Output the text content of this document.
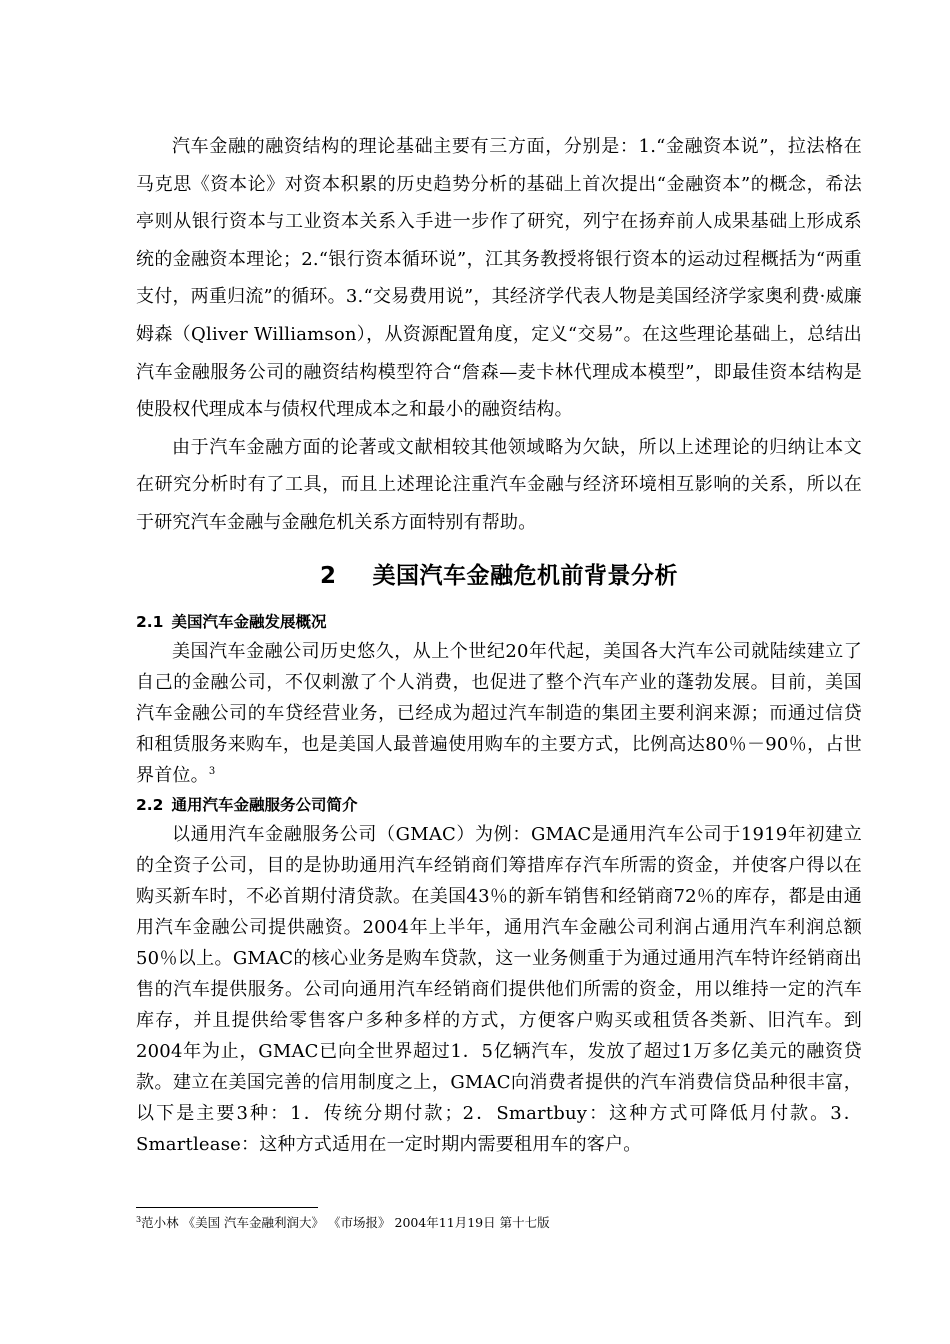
汽车金融的融资结构的理论基础主要有三方面，分别是：1.“金融资本说”，拉法格在马克思《资本论》对资本积累的历史趋势分析的基础上首次提出“金融资本”的概念，希法亭则从银行资本与工业资本关系入手进一步作了研究，列宁在扬弃前人成果基础上形成系统的金融资本理论；2.“银行资本循环说”，江其务教授将银行资本的运动过程概括为“两重支付，两重归流”的循环。3.“交易费用说”，其经济学代表人物是美国经济学家奥利费·威廉姆森（Qliver Williamson），从资源配置角度，定义“交易”。在这些理论基础上，总结出汽车金融服务公司的融资结构模型符合“詹森—麦卡林代理成本模型”，即最佳资本结构是使股权代理成本与债权代理成本之和最小的融资结构。

由于汽车金融方面的论著或文献相较其他领域略为欠缺，所以上述理论的归纳让本文在研究分析时有了工具，而且上述理论注重汽车金融与经济环境相互影响的关系，所以在于研究汽车金融与金融危机关系方面特别有帮助。

2 美国汽车金融危机前背景分析
2.1 美国汽车金融发展概况

美国汽车金融公司历史悠久，从上个世纪20年代起，美国各大汽车公司就陆续建立了自己的金融公司，不仅刺激了个人消费，也促进了整个汽车产业的蓬勃发展。目前，美国汽车金融公司的车贷经营业务，已经成为超过汽车制造的集团主要利润来源；而通过信贷和租赁服务来购车，也是美国人最普遍使用购车的主要方式，比例高达80％－90％，占世界首位。$^3$

2.2 通用汽车金融服务公司简介

以通用汽车金融服务公司（GMAC）为例：GMAC是通用汽车公司于1919年初建立的全资子公司，目的是协助通用汽车经销商们筹措库存汽车所需的资金，并使客户得以在购买新车时，不必首期付清贷款。在美国43％的新车销售和经销商72％的库存，都是由通用汽车金融公司提供融资。2004年上半年，通用汽车金融公司利润占通用汽车利润总额50％以上。GMAC的核心业务是购车贷款，这一业务侧重于为通过通用汽车特许经销商出售的汽车提供服务。公司向通用汽车经销商们提供他们所需的资金，用以维持一定的汽车库存，并且提供给零售客户多种多样的方式，方便客户购买或租赁各类新、旧汽车。到2004年为止，GMAC已向全世界超过1．5亿辆汽车，发放了超过1万多亿美元的融资贷款。建立在美国完善的信用制度之上，GMAC向消费者提供的汽车消费信贷品种很丰富，以下是主要3种：1．传统分期付款；2．Smartbuy：这种方式可降低月付款。3．Smartlease：这种方式适用在一定时期内需要租用车的客户。

$^3$范小林 《美国 汽车金融利润大》 《市场报》 2004年11月19日 第十七版
